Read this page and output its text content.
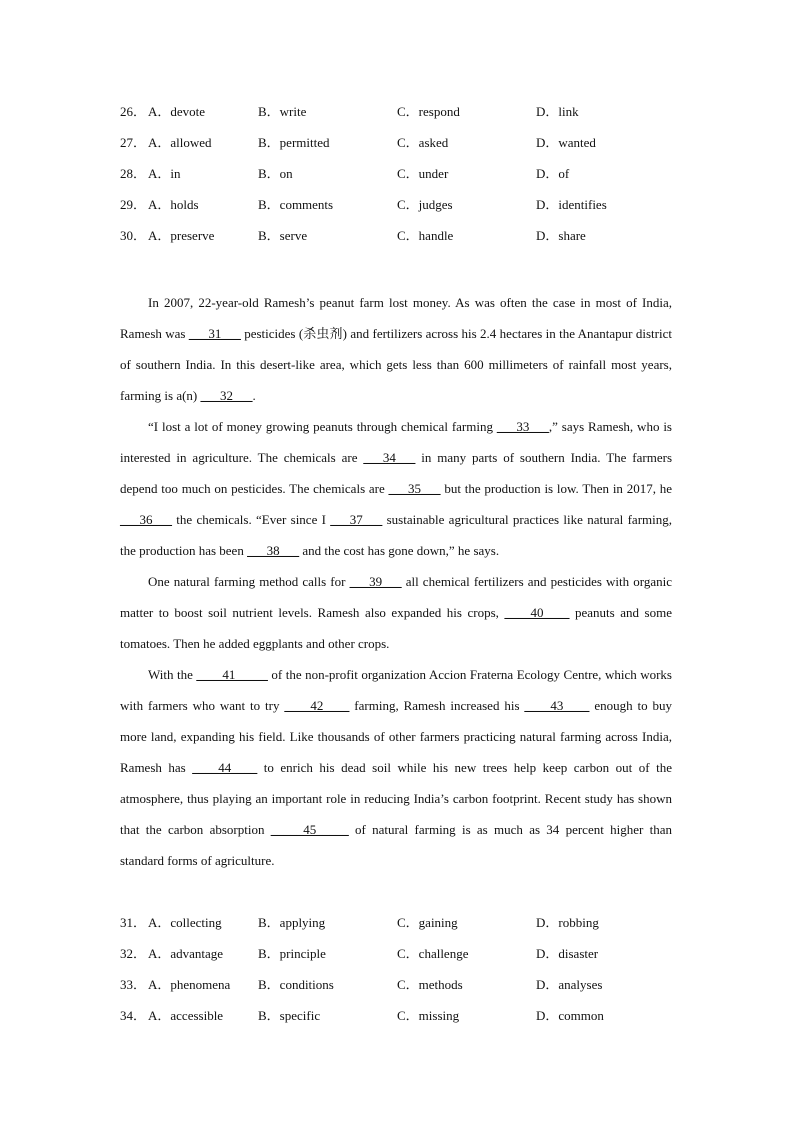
26． A．devote	B．write	C．respond	D．link
27． A．allowed	B．permitted	C．asked	D．wanted
28． A．in	B．on	C．under	D．of
29． A．holds	B．comments	C．judges	D．identifies
30． A．preserve	B．serve	C．handle	D．share

In 2007, 22-year-old Ramesh’s peanut farm lost money. As was often the case in most of India, Ramesh was ___31___ pesticides (杀虫剂) and fertilizers across his 2.4 hectares in the Anantapur district of southern India. In this desert-like area, which gets less than 600 millimeters of rainfall most years, farming is a(n) ___32___.

“I lost a lot of money growing peanuts through chemical farming ___33___,” says Ramesh, who is interested in agriculture. The chemicals are ___34___ in many parts of southern India. The farmers depend too much on pesticides. The chemicals are ___35___ but the production is low. Then in 2017, he ___36___ the chemicals. “Ever since I ___37___ sustainable agricultural practices like natural farming, the production has been ___38___ and the cost has gone down,” he says.

One natural farming method calls for ___39___ all chemical fertilizers and pesticides with organic matter to boost soil nutrient levels. Ramesh also expanded his crops, ____40____ peanuts and some tomatoes. Then he added eggplants and other crops.

With the ____41_____ of the non-profit organization Accion Fraterna Ecology Centre, which works with farmers who want to try ____42____ farming, Ramesh increased his ____43____ enough to buy more land, expanding his field. Like thousands of other farmers practicing natural farming across India, Ramesh has ____44____ to enrich his dead soil while his new trees help keep carbon out of the atmosphere, thus playing an important role in reducing India’s carbon footprint. Recent study has shown that the carbon absorption _____45_____ of natural farming is as much as 34 percent higher than standard forms of agriculture.

31． A．collecting	B．applying	C．gaining	D．robbing
32． A．advantage	B．principle	C．challenge	D．disaster
33． A．phenomena B．conditions	C．methods	D．analyses
34． A．accessible	B．specific	C．missing	D．common
